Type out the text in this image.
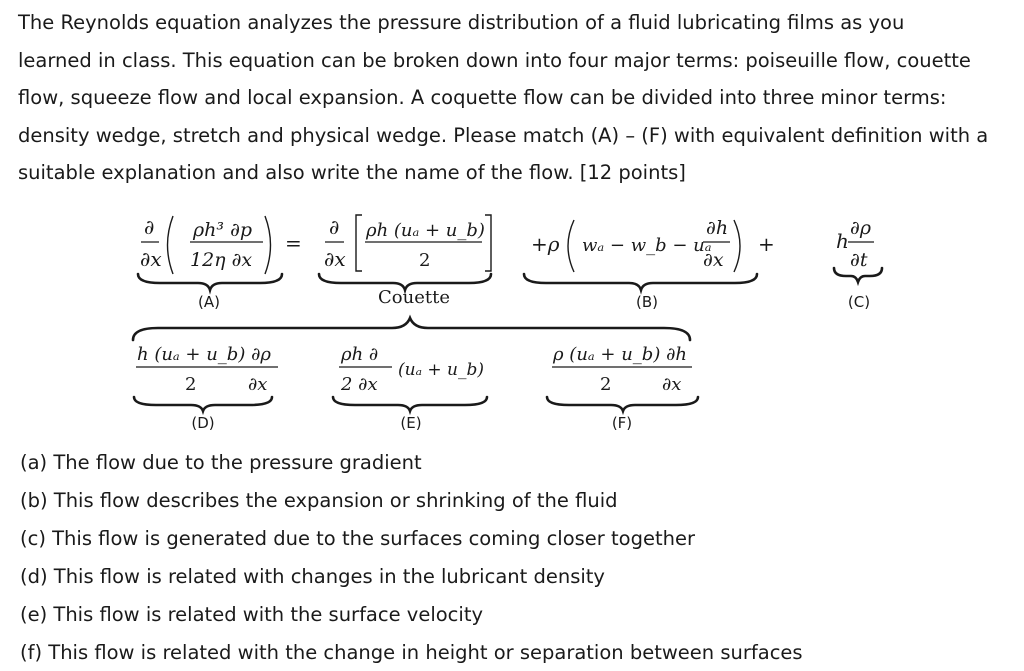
The Reynolds equation analyzes the pressure distribution of a fluid lubricating films as you
learned in class. This equation can be broken down into four major terms: poiseuille flow, couette
flow, squeeze flow and local expansion. A coquette flow can be divided into three minor terms:
density wedge, stretch and physical wedge. Please match (A) – (F) with equivalent definition with a
suitable explanation and also write the name of the flow. [12 points]
∂
∂x
ρh³ ∂p
12η ∂x
=
∂
∂x
ρh (uₐ + u_b)
2
+ρ wₐ − w_b − uₐ
∂h
∂x
+	h
∂ρ
∂t
(A)	Couette	(B)	(C)
h (uₐ + u_b) ∂ρ
2	∂x
ρh ∂
2 ∂x
(uₐ + u_b)
ρ (uₐ + u_b) ∂h
2	∂x
(D)	(E)	(F)
(a) The flow due to the pressure gradient
(b) This flow describes the expansion or shrinking of the fluid
(c) This flow is generated due to the surfaces coming closer together
(d) This flow is related with changes in the lubricant density
(e) This flow is related with the surface velocity
(f) This flow is related with the change in height or separation between surfaces
